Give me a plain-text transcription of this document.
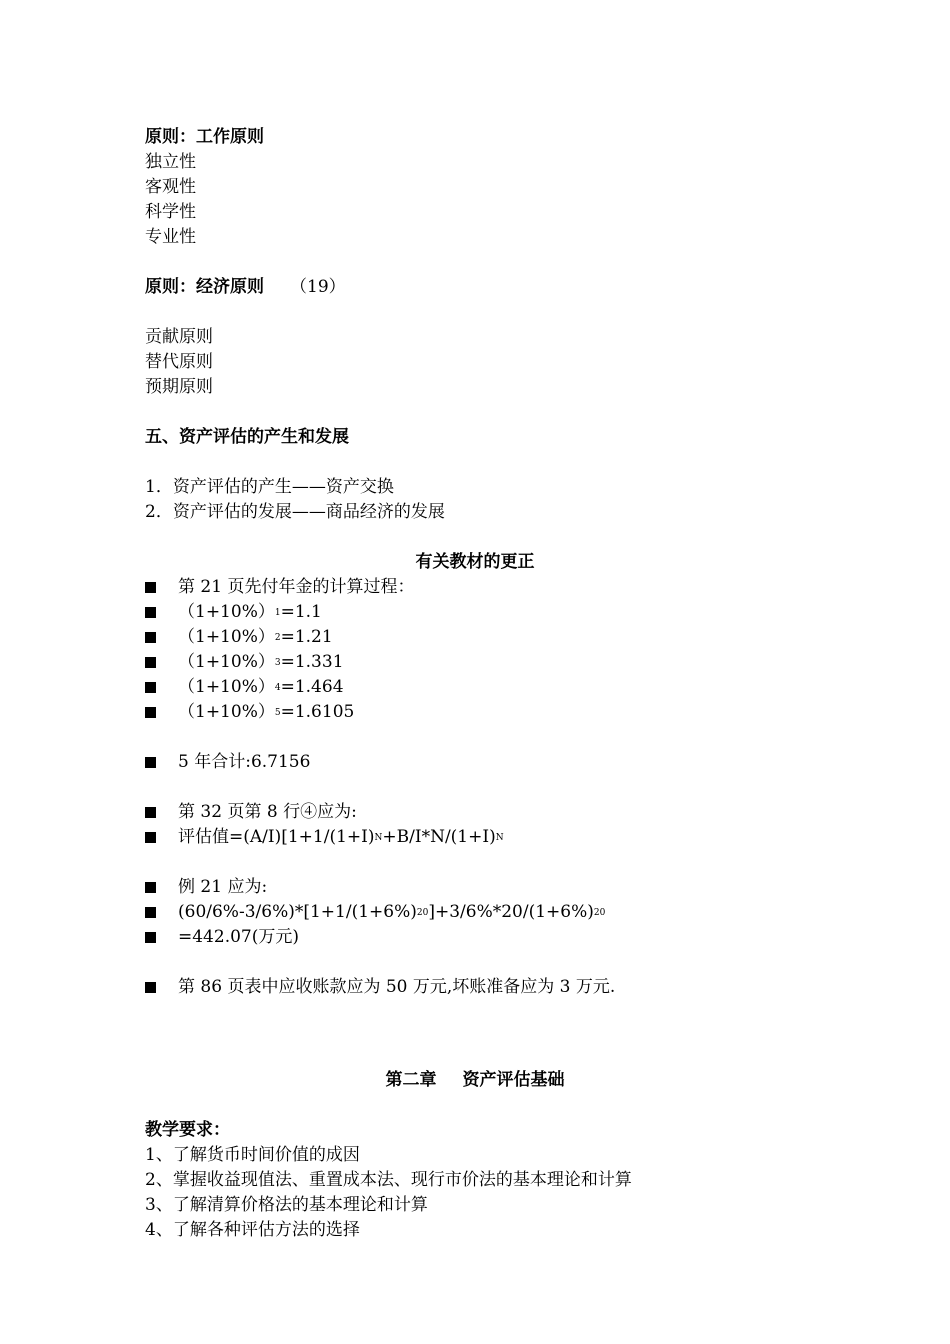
原则：工作原则
独立性
客观性
科学性
专业性
原则：经济原则 （19）
贡献原则
替代原则
预期原则
五、资产评估的产生和发展
1．资产评估的产生——资产交换
2．资产评估的发展——商品经济的发展
有关教材的更正
第 21 页先付年金的计算过程：
（1+10%） 1 =1.1
（1+10%） 2 =1.21
（1+10%） 3 =1.331
（1+10%） 4 =1.464
（1+10%） 5 =1.6105
5 年合计:6.7156
第 32 页第 8 行④应为:
评估值=(A/I)[1+1/(1+I) N +B/I*N/(1+I) N
例 21 应为:
(60/6%-3/6%)*[1+1/(1+6%) 20 ]+3/6%*20/(1+6%) 20
=442.07(万元)
第 86 页表中应收账款应为 50 万元,坏账准备应为 3 万元.
第二章 资产评估基础
教学要求：
1、了解货币时间价值的成因
2、掌握收益现值法、重置成本法、现行市价法的基本理论和计算
3、了解清算价格法的基本理论和计算
4、了解各种评估方法的选择
